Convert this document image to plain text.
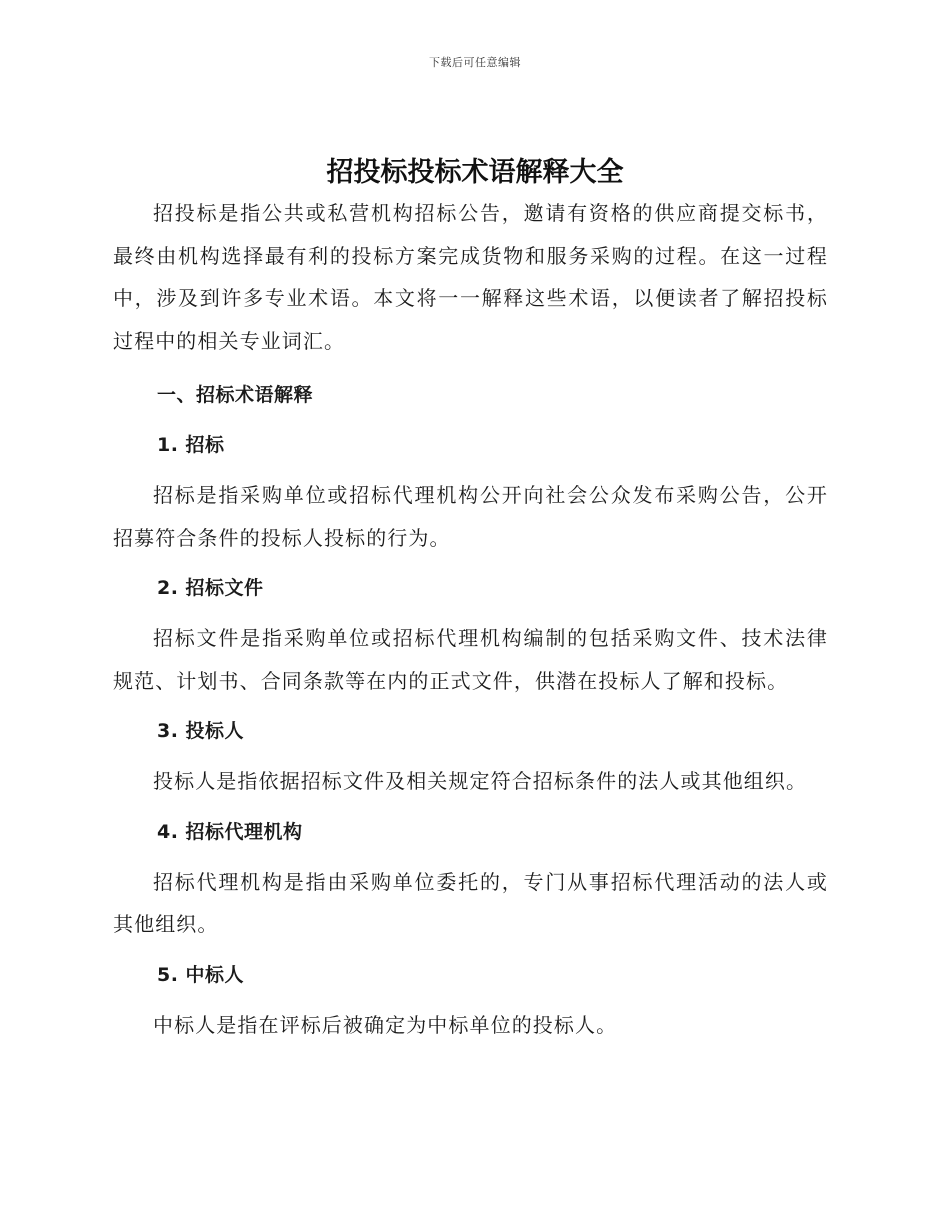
下载后可任意编辑
招投标投标术语解释大全

招投标是指公共或私营机构招标公告，邀请有资格的供应商提交标书，最终由机构选择最有利的投标方案完成货物和服务采购的过程。在这一过程中，涉及到许多专业术语。本文将一一解释这些术语，以便读者了解招投标过程中的相关专业词汇。

一、招标术语解释

1. 招标

招标是指采购单位或招标代理机构公开向社会公众发布采购公告，公开招募符合条件的投标人投标的行为。

2. 招标文件

招标文件是指采购单位或招标代理机构编制的包括采购文件、技术法律规范、计划书、合同条款等在内的正式文件，供潜在投标人了解和投标。

3. 投标人

投标人是指依据招标文件及相关规定符合招标条件的法人或其他组织。

4. 招标代理机构

招标代理机构是指由采购单位委托的，专门从事招标代理活动的法人或其他组织。

5. 中标人

中标人是指在评标后被确定为中标单位的投标人。
